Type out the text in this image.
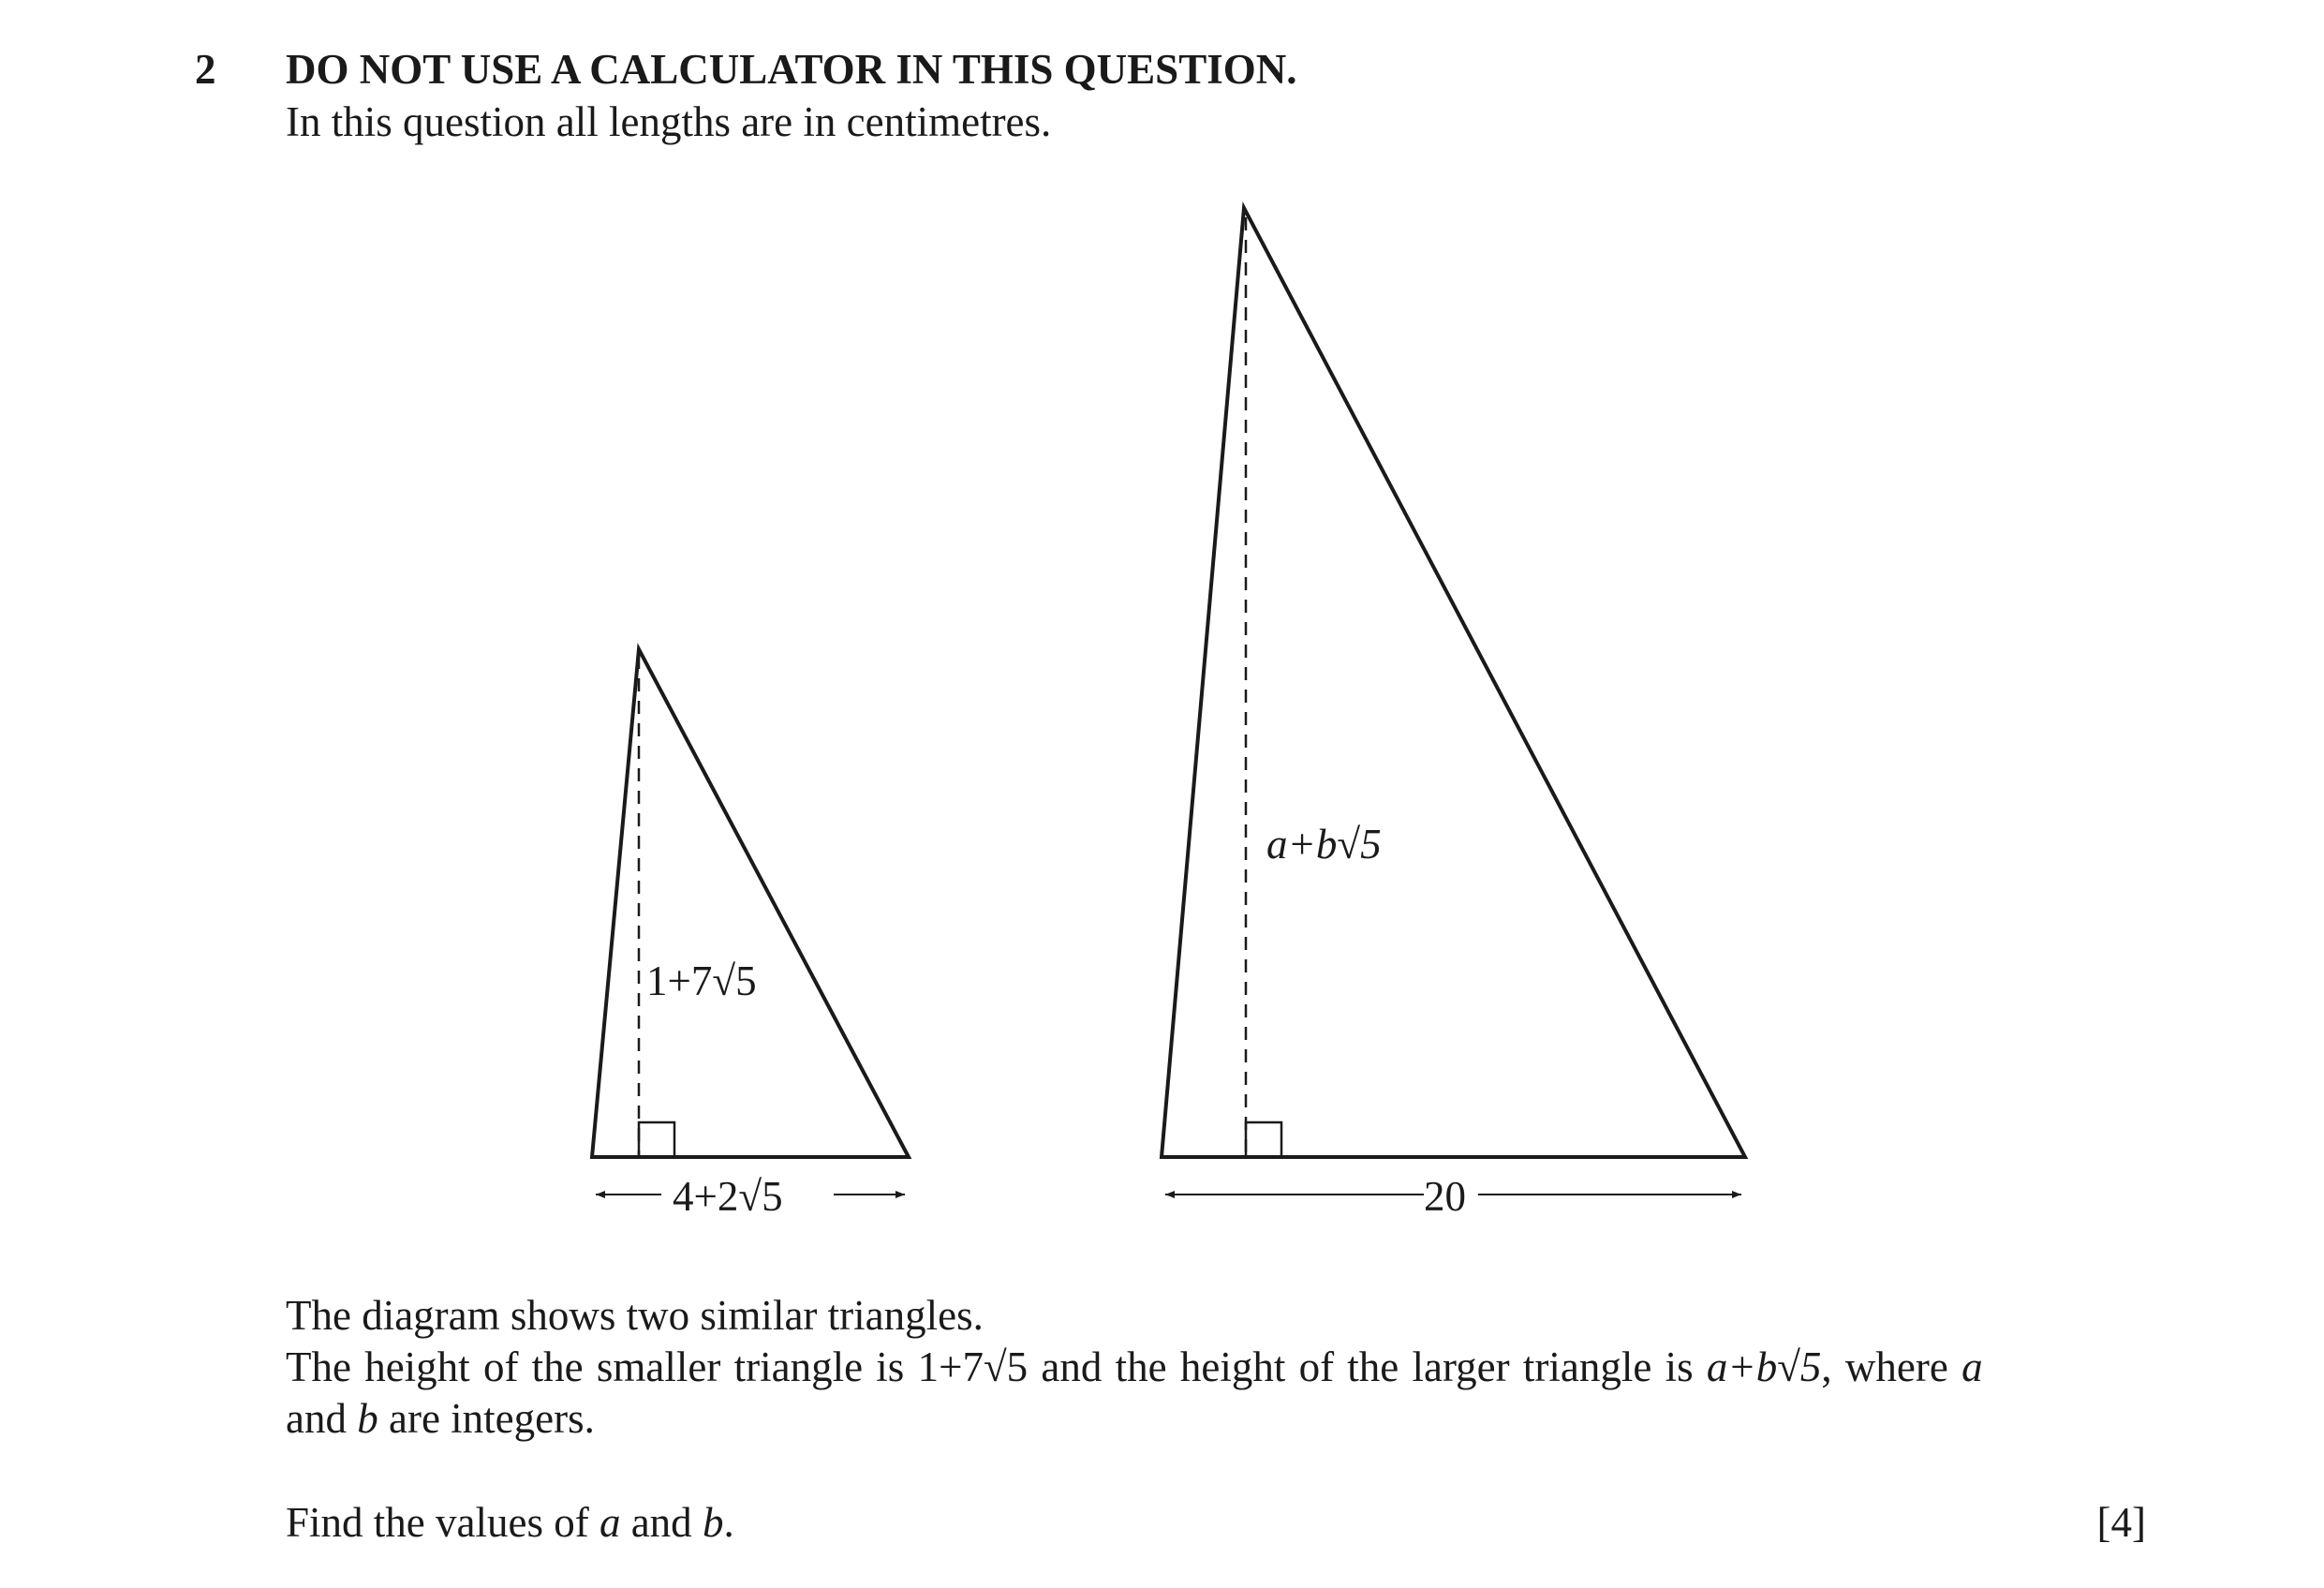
2 DO NOT USE A CALCULATOR IN THIS QUESTION.
In this question all lengths are in centimetres.
1+7√5
4+2√5
a+b√5
20
The diagram shows two similar triangles.
The height of the smaller triangle is 1+7√5 and the height of the larger triangle is a+b√5, where a
and b are integers.
Find the values of a and b.	[4]
